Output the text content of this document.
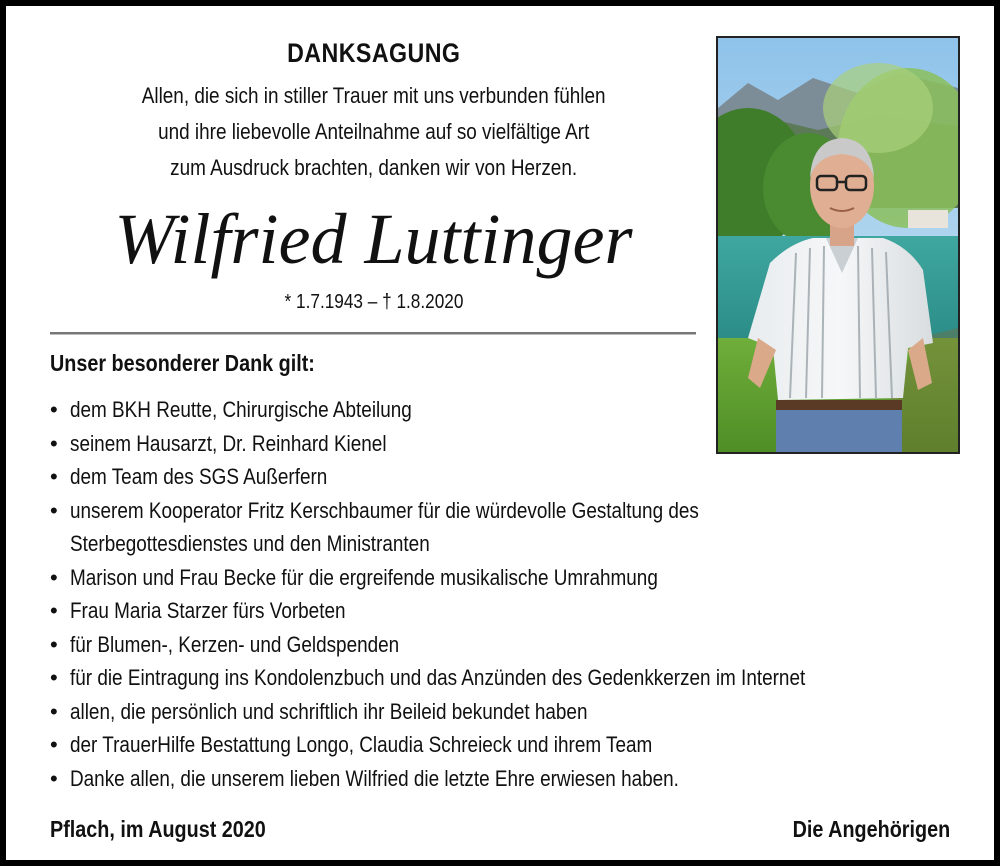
DANKSAGUNG
Allen, die sich in stiller Trauer mit uns verbunden fühlen
und ihre liebevolle Anteilnahme auf so vielfältige Art
zum Ausdruck brachten, danken wir von Herzen.
Wilfried Luttinger
* 1.7.1943 – † 1.8.2020
Unser besonderer Dank gilt:
• dem BKH Reutte, Chirurgische Abteilung
• seinem Hausarzt, Dr. Reinhard Kienel
• dem Team des SGS Außerfern
• unserem Kooperator Fritz Kerschbaumer für die würdevolle Gestaltung des
Sterbegottesdienstes und den Ministranten
• Marison und Frau Becke für die ergreifende musikalische Umrahmung
• Frau Maria Starzer fürs Vorbeten
• für Blumen-, Kerzen- und Geldspenden
• für die Eintragung ins Kondolenzbuch und das Anzünden des Gedenkkerzen im Internet
• allen, die persönlich und schriftlich ihr Beileid bekundet haben
• der TrauerHilfe Bestattung Longo, Claudia Schreieck und ihrem Team
• Danke allen, die unserem lieben Wilfried die letzte Ehre erwiesen haben.
Pflach, im August 2020	Die Angehörigen
